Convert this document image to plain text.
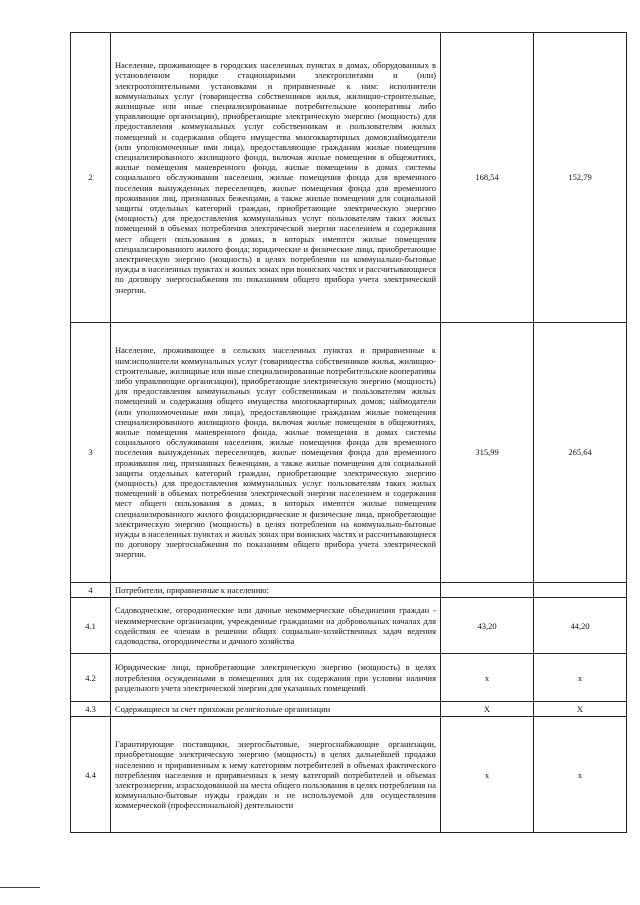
2	Население, проживающее в городских населенных пунктах в домах, оборудованных в установленном порядке стационарными электроплитами и (или) электроотопительными установками и приравненные к ним: исполнители коммунальных услуг (товарищества собственников жилья, жилищно-строительные, жилищные или иные специализированные потребительские кооперативы либо управляющие организации), приобретающие электрическую энергию (мощность) для предоставления коммунальных услуг собственникам и пользователям жилых помещений и содержания общего имущества многоквартирных домов;наймодатели (или уполномоченные ими лица), предоставляющие гражданам жилые помещения специализированного жилищного фонда, включая жилые помещения в общежитиях, жилые помещения маневренного фонда, жилые помещения в домах системы социального обслуживания населения, жилые помещения фонда для временного поселения вынужденных переселенцев, жилые помещения фонда для временного проживания лиц, признанных беженцами, а также жилые помещения для социальной защиты отдельных категорий граждан, приобретающие электрическую энергию (мощность) для предоставления коммунальных услуг пользователям таких жилых помещений в объемах потребления электрической энергии населением и содержания мест общего пользования в домах, в которых имеются жилые помещения специализированного жилого фонда; юридические и физические лица, приобретающие электрическую энергию (мощность) в целях потребления на коммунально-бытовые нужды в населенных пунктах и жилых зонах при воинских частях и рассчитывающиеся по договору энергоснабжения по показаниям общего прибора учета электрической энергии.	168,54	152,79
3	Население, проживающее в сельских населенных пунктах и приравненные к ним:исполнители коммунальных услуг (товарищества собственников жилья, жилищно-строительные, жилищные или иные специализированные потребительские кооперативы либо управляющие организации), приобретающие электрическую энергию (мощность) для предоставления коммунальных услуг собственникам и пользователям жилых помещений и содержания общего имущества многоквартирных домов; наймодатели (или уполномоченные ими лица), предоставляющие гражданам жилые помещения специализированного жилищного фонда, включая жилые помещения в общежитиях, жилые помещения маневренного фонда, жилые помещения в домах системы социального обслуживания населения, жилые помещения фонда для временного поселения вынужденных переселенцев, жилые помещения фонда для временного проживания лиц, признанных беженцами, а также жилые помещения для социальной защиты отдельных категорий граждан, приобретающие электрическую энергию (мощность) для предоставления коммунальных услуг пользователям таких жилых помещений в объемах потребления электрической энергии населением и содержания мест общего пользования в домах, в которых имеются жилые помещения специализированного жилого фонда;юридические и физические лица, приобретающие электрическую энергию (мощность) в целях потребления на коммунально-бытовые нужды в населенных пунктах и жилых зонах при воинских частях и рассчитывающиеся по договору энергоснабжения по показаниям общего прибора учета электрической энергии.	315,99	265,64
4	Потребители, приравненные к населению:		
4.1	Садоводческие, огороднические или дачные некоммерческие объединения граждан - некоммерческие организации, учрежденные гражданами на добровольных началах для содействия ее членам в решении общих социально-хозяйственных задач ведения садоводства, огородничества и дачного хозяйства	43,20	44,20
4.2	Юридические лица, приобретающие электрическую энергию (мощность) в целях потребления осужденными в помещениях для их содержания при условии наличия раздельного учета электрической энергии для указанных помещений	х	х
4.3	Содержащиеся за счет прихожан религиозные организации	Х	Х
4.4	Гарантирующие поставщики, энергосбытовые, энергоснабжающие организации, приобретающие электрическую энергию (мощность) в целях дальнейшей продажи населению и приравненным к нему категориям потребителей в объемах фактического потребления населения и приравненных к нему категорий потребителей и объемах электроэнергии, израсходованной на места общего пользования в целях потребления на коммунально-бытовые нужды граждан и не используемой для осуществления коммерческой (профессиональной) деятельности	х	х
